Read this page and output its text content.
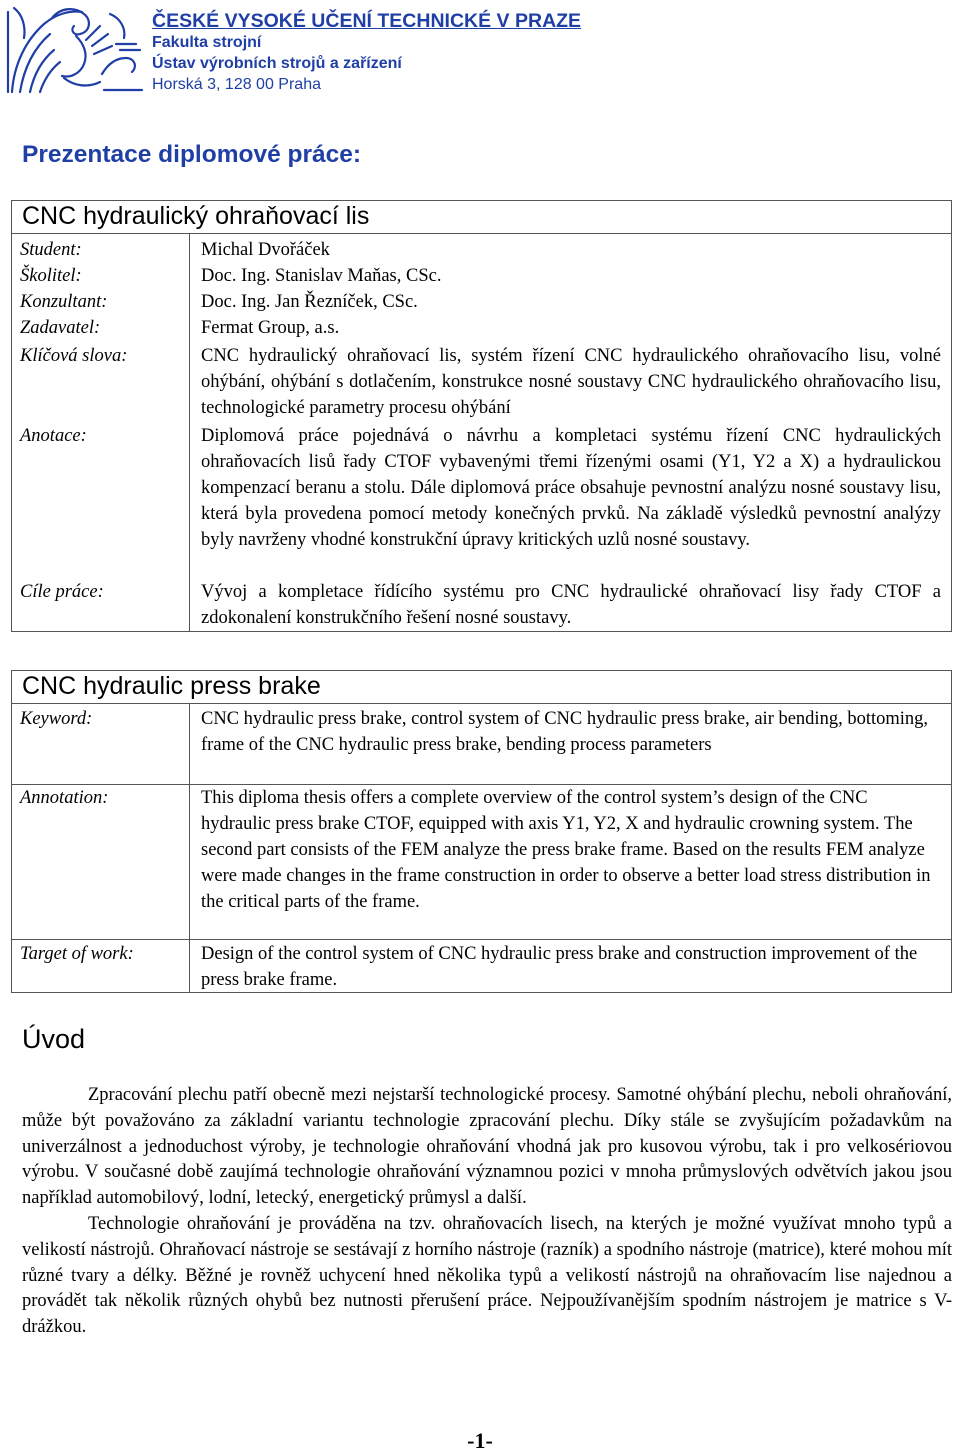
ČESKÉ VYSOKÉ UČENÍ TECHNICKÉ V PRAZE
Fakulta strojní
Ústav výrobních strojů a zařízení
Horská 3, 128 00 Praha
Prezentace diplomové práce:
CNC hydraulický ohraňovací lis
Student:	Michal Dvořáček
Školitel:	Doc. Ing. Stanislav Maňas, CSc.
Konzultant:	Doc. Ing. Jan Řezníček, CSc.
Zadavatel:	Fermat Group, a.s.
Klíčová slova:	CNC hydraulický ohraňovací lis, systém řízení CNC hydraulického ohraňovacího lisu, volné ohýbání, ohýbání s dotlačením, konstrukce nosné soustavy CNC hydraulického ohraňovacího lisu, technologické parametry procesu ohýbání
Anotace:	Diplomová práce pojednává o návrhu a kompletaci systému řízení CNC hydraulických ohraňovacích lisů řady CTOF vybavenými třemi řízenými osami (Y1, Y2 a X) a hydraulickou kompenzací beranu a stolu. Dále diplomová práce obsahuje pevnostní analýzu nosné soustavy lisu, která byla provedena pomocí metody konečných prvků. Na základě výsledků pevnostní analýzy byly navrženy vhodné konstrukční úpravy kritických uzlů nosné soustavy.
Cíle práce:	Vývoj a kompletace řídícího systému pro CNC hydraulické ohraňovací lisy řady CTOF a zdokonalení konstrukčního řešení nosné soustavy.
CNC hydraulic press brake
Keyword:	CNC hydraulic press brake, control system of CNC hydraulic press brake, air bending, bottoming, frame of the CNC hydraulic press brake, bending process parameters
Annotation:	This diploma thesis offers a complete overview of the control system’s design of the CNC hydraulic press brake CTOF, equipped with axis Y1, Y2, X and hydraulic crowning system. The second part consists of the FEM analyze the press brake frame. Based on the results FEM analyze were made changes in the frame construction in order to observe a better load stress distribution in the critical parts of the frame.
Target of work:	Design of the control system of CNC hydraulic press brake and construction improvement of the press brake frame.
Úvod

Zpracování plechu patří obecně mezi nejstarší technologické procesy. Samotné ohýbání plechu, neboli ohraňování, může být považováno za základní variantu technologie zpracování plechu. Díky stále se zvyšujícím požadavkům na univerzálnost a jednoduchost výroby, je technologie ohraňování vhodná jak pro kusovou výrobu, tak i pro velkosériovou výrobu. V současné době zaujímá technologie ohraňování významnou pozici v mnoha průmyslových odvětvích jakou jsou například automobilový, lodní, letecký, energetický průmysl a další.

Technologie ohraňování je prováděna na tzv. ohraňovacích lisech, na kterých je možné využívat mnoho typů a velikostí nástrojů. Ohraňovací nástroje se sestávají z horního nástroje (razník) a spodního nástroje (matrice), které mohou mít různé tvary a délky. Běžné je rovněž uchycení hned několika typů a velikostí nástrojů na ohraňovacím lise najednou a provádět tak několik různých ohybů bez nutnosti přerušení práce. Nejpoužívanějším spodním nástrojem je matrice s V-drážkou.

-1-
